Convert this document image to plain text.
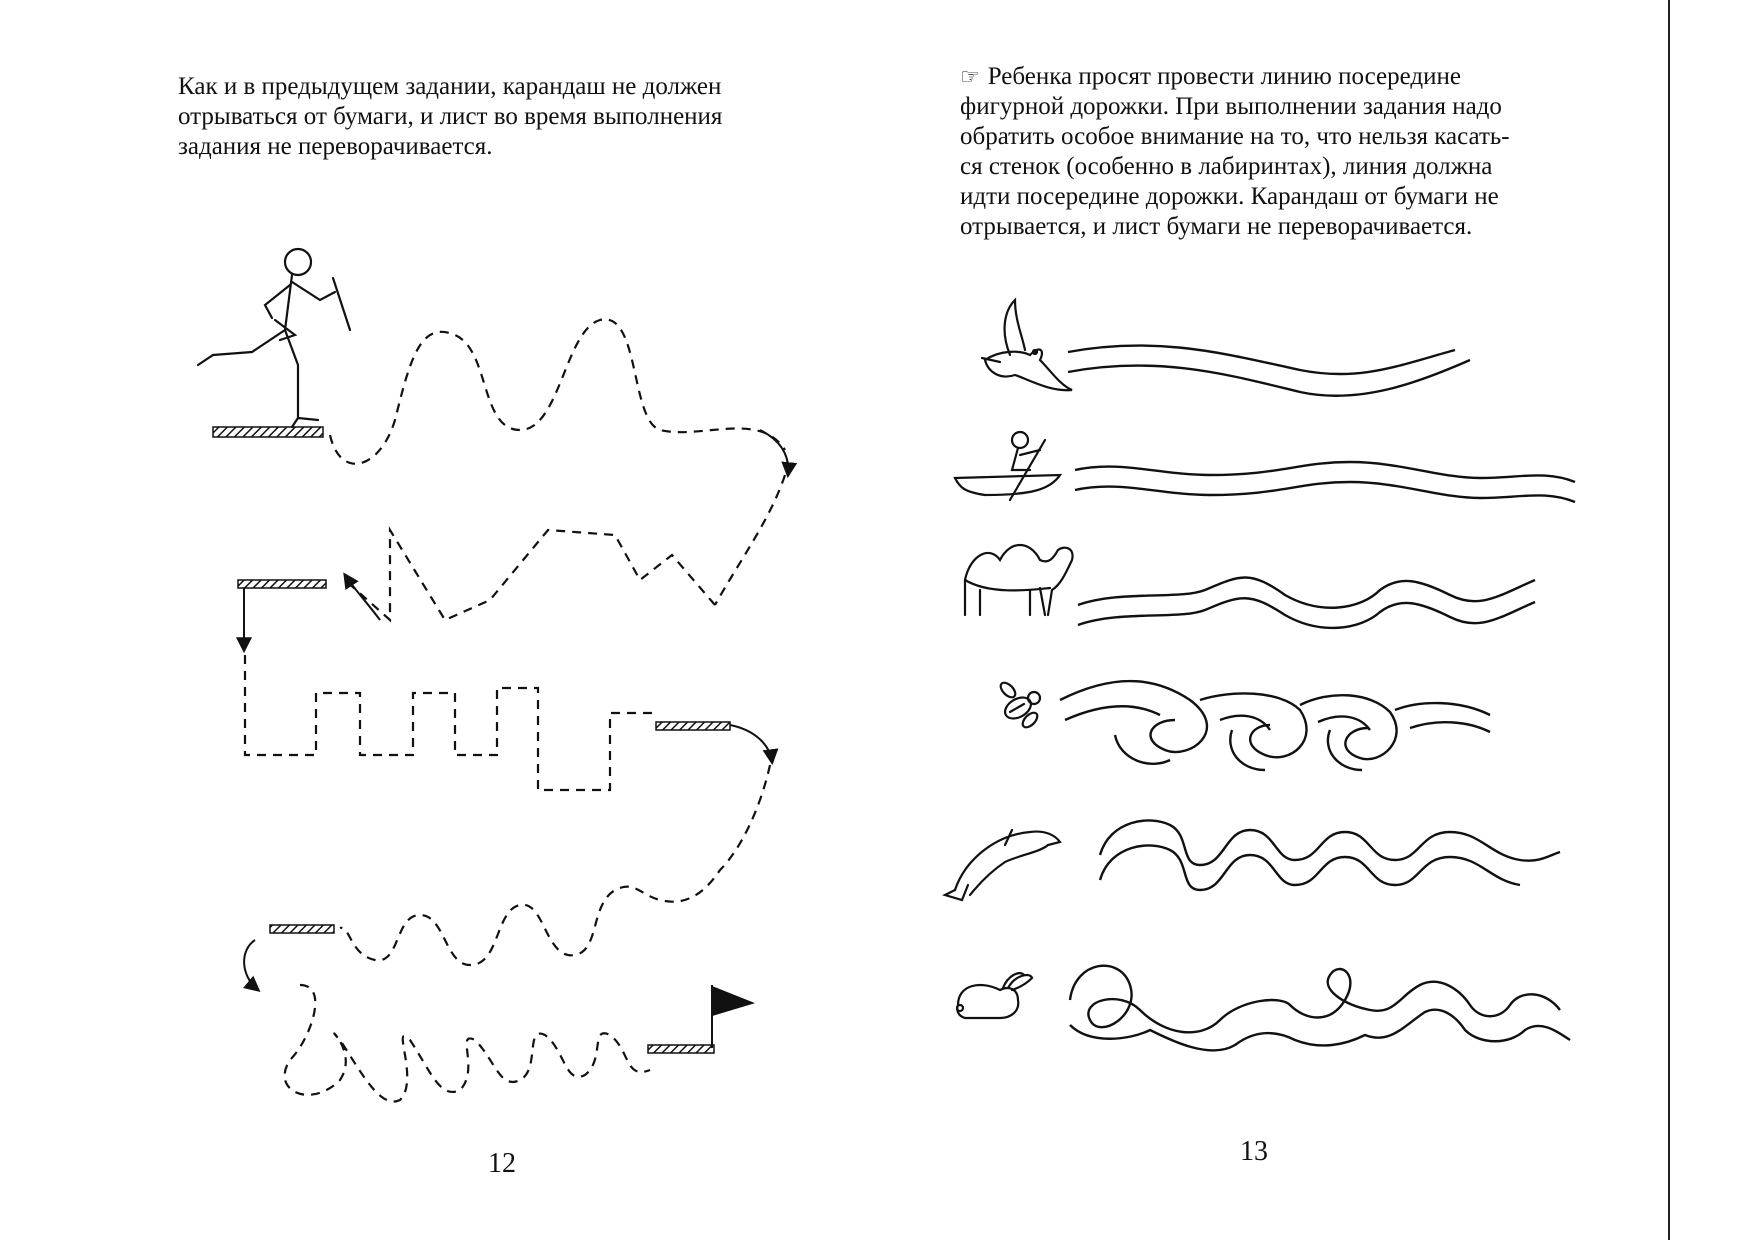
Как и в предыдущем задании, карандаш не должен
отрываться от бумаги, и лист во время выполнения
задания не переворачивается.
12
☞ Ребенка просят провести линию посередине
фигурной дорожки. При выполнении задания надо
обратить особое внимание на то, что нельзя касать-
ся стенок (особенно в лабиринтах), линия должна
идти посередине дорожки. Карандаш от бумаги не
отрывается, и лист бумаги не переворачивается.
13
